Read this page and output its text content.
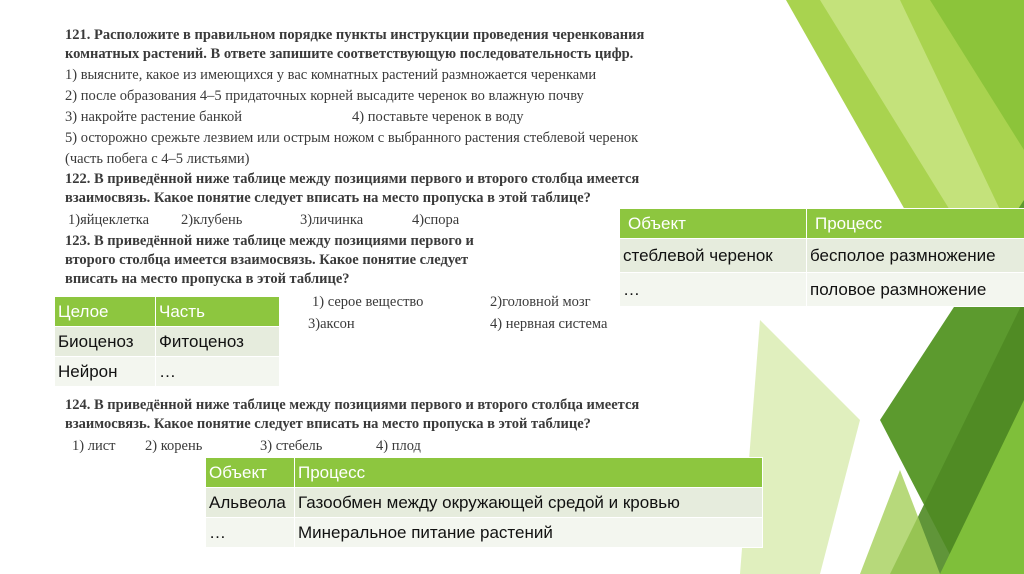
121. Расположите в правильном порядке пункты инструкции проведения черенкования
комнатных растений. В ответе запишите соответствующую последовательность цифр.
1) выясните, какое из имеющихся у вас комнатных растений размножается черенками
2) после образования 4–5 придаточных корней высадите черенок во влажную почву
3) накройте растение банкой	4) поставьте черенок в воду
5) осторожно срежьте лезвием или острым ножом с выбранного растения стеблевой черенок
(часть побега с 4–5 листьями)
122. В приведённой ниже таблице между позициями первого и второго столбца имеется
взаимосвязь. Какое понятие следует вписать на место пропуска в этой таблице?
1)яйцеклетка 2)клубень	3)личинка	4)спора	Объект	Процесс
стеблевой черенок	бесполое размножение
…	половое размножение
123. В приведённой ниже таблице между позициями первого и
второго столбца имеется взаимосвязь. Какое понятие следует
вписать на место пропуска в этой таблице?
1) серое вещество	2)головной мозг
3)аксон	4) нервная система
Целое	Часть
Биоценоз	Фитоценоз
Нейрон	…
124. В приведённой ниже таблице между позициями первого и второго столбца имеется
взаимосвязь. Какое понятие следует вписать на место пропуска в этой таблице?
1) лист 2) корень	3) стебель	4) плод
Объект	Процесс
Альвеола	Газообмен между окружающей средой и кровью
…	Минеральное питание растений
